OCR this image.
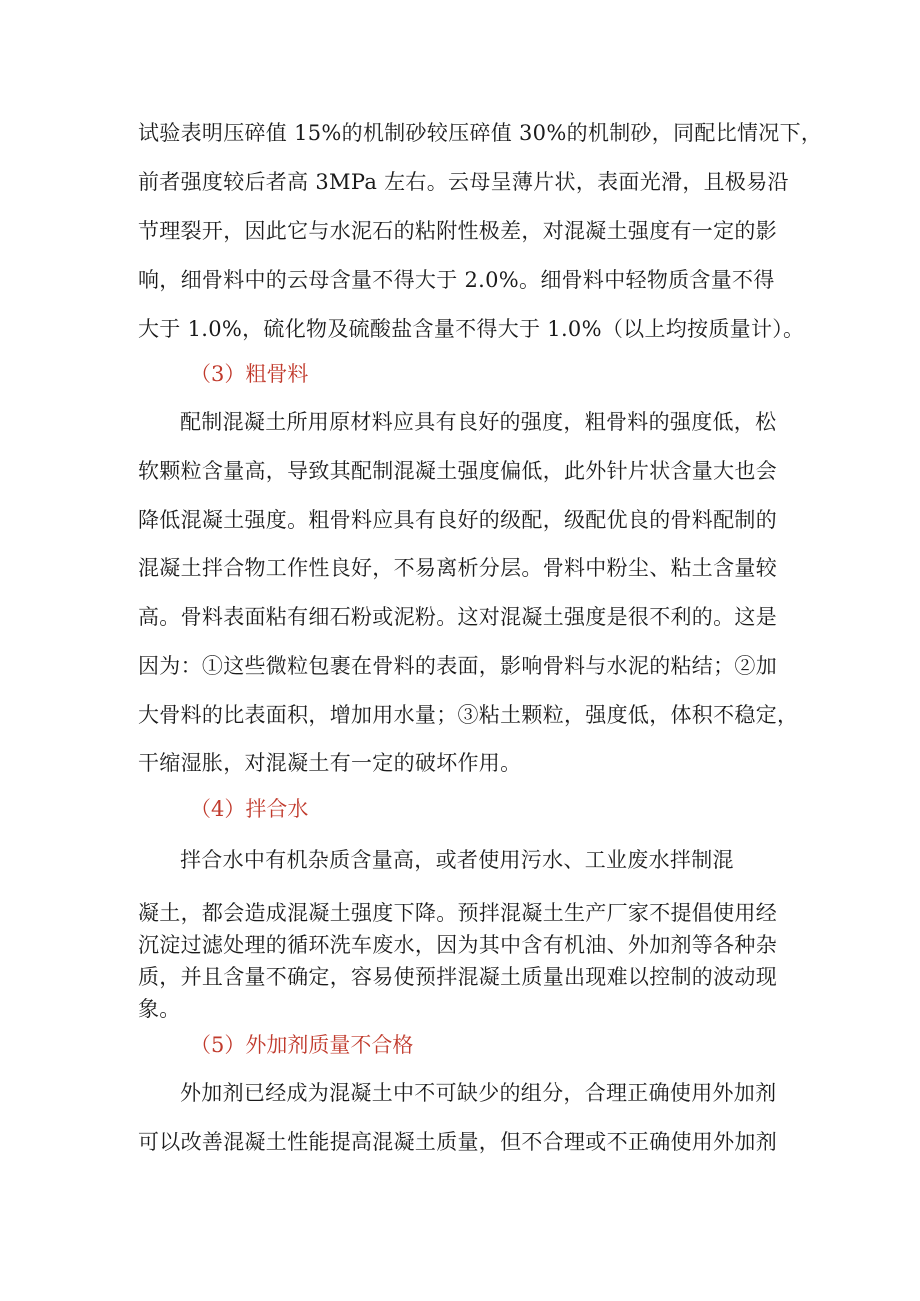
试验表明压碎值 15%的机制砂较压碎值 30%的机制砂，同配比情况下，
前者强度较后者高 3MPa 左右。云母呈薄片状，表面光滑，且极易沿
节理裂开，因此它与水泥石的粘附性极差，对混凝土强度有一定的影
响，细骨料中的云母含量不得大于 2.0%。细骨料中轻物质含量不得
大于 1.0%，硫化物及硫酸盐含量不得大于 1.0%（以上均按质量计）。
（3）粗骨料
配制混凝土所用原材料应具有良好的强度，粗骨料的强度低，松
软颗粒含量高，导致其配制混凝土强度偏低，此外针片状含量大也会
降低混凝土强度。粗骨料应具有良好的级配，级配优良的骨料配制的
混凝土拌合物工作性良好，不易离析分层。骨料中粉尘、粘土含量较
高。骨料表面粘有细石粉或泥粉。这对混凝土强度是很不利的。这是
因为：①这些微粒包裹在骨料的表面，影响骨料与水泥的粘结；②加
大骨料的比表面积，增加用水量；③粘土颗粒，强度低，体积不稳定，
干缩湿胀，对混凝土有一定的破坏作用。
（4）拌合水
拌合水中有机杂质含量高，或者使用污水、工业废水拌制混
凝土，都会造成混凝土强度下降。预拌混凝土生产厂家不提倡使用经
沉淀过滤处理的循环洗车废水，因为其中含有机油、外加剂等各种杂
质，并且含量不确定，容易使预拌混凝土质量出现难以控制的波动现
象。
（5）外加剂质量不合格
外加剂已经成为混凝土中不可缺少的组分，合理正确使用外加剂
可以改善混凝土性能提高混凝土质量，但不合理或不正确使用外加剂
